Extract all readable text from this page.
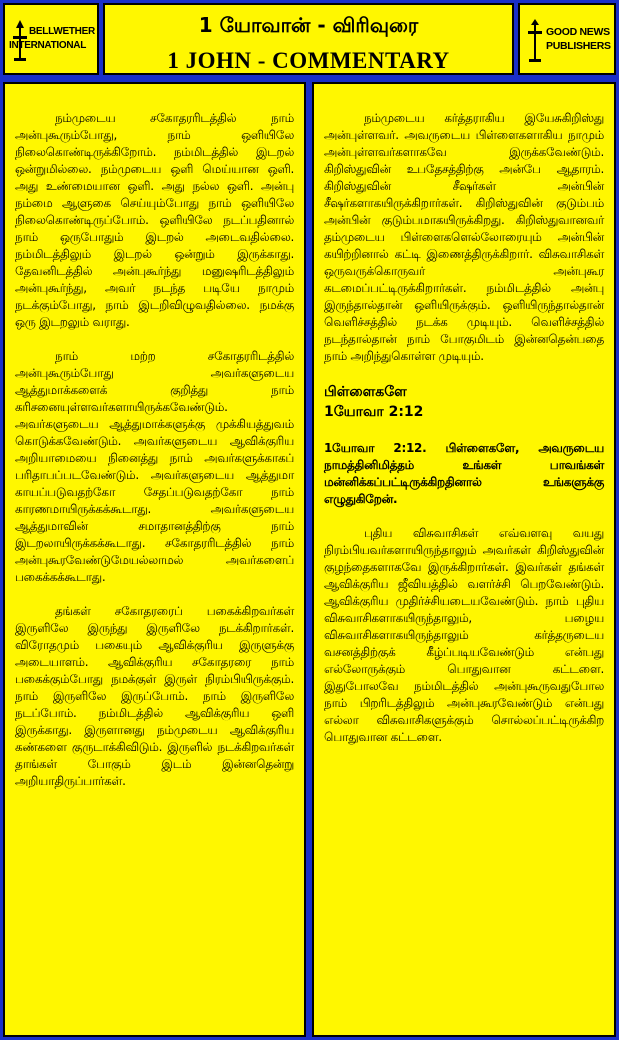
BELLWETHER
INTERNATIONAL
1 யோவான் - விரிவுரை
1 JOHN - COMMENTARY
GOOD NEWS
PUBLISHERS

நம்முடைய சகோதரரிடத்தில் நாம் அன்புகூரும்போது, நாம் ஒளியிலே நிலைகொண்டிருக்கிறோம். நம்மிடத்தில் இடறல் ஒன்றுமில்லை. நம்முடைய ஒளி மெய்யான ஒளி. அது உண்மையான ஒளி. அது நல்ல ஒளி. அன்பு நம்மை ஆளுகை செய்யும்போது நாம் ஒளியிலே நிலைகொண்டிருப்போம். ஒளியிலே நடப்பதினால் நாம் ஒருபோதும் இடறல் அடைவதில்லை. நம்மிடத்திலும் இடறல் ஒன்றும் இருக்காது. தேவனிடத்தில் அன்புகூர்ந்து மனுஷரிடத்திலும் அன்புகூர்ந்து, அவர் நடந்த படியே நாமும் நடக்கும்போது, நாம் இடறிவிழுவதில்லை. நமக்கு ஒரு இடறலும் வராது.

நாம் மற்ற சகோதரரிடத்தில் அன்புகூரும்போது அவர்களுடைய ஆத்துமாக்களைக் குறித்து நாம் கரிசனையுள்ளவர்களாயிருக்கவேண்டும். அவர்களுடைய ஆத்துமாக்களுக்கு முக்கியத்துவம் கொடுக்கவேண்டும். அவர்களுடைய ஆவிக்குரிய அறியாமையை நினைத்து நாம் அவர்களுக்காகப் பரிதாபப்படவேண்டும். அவர்களுடைய ஆத்துமா காயப்படுவதற்கோ சேதப்படுவதற்கோ நாம் காரணமாயிருக்கக்கூடாது. அவர்களுடைய ஆத்துமாவின் சமாதானத்திற்கு நாம் இடறலாயிருக்கக்கூடாது. சகோதரரிடத்தில் நாம் அன்புகூரவேண்டுமேயல்லாமல் அவர்களைப் பகைக்கக்கூடாது.

தங்கள் சகோதரரைப் பகைக்கிறவர்கள் இருளிலே இருந்து இருளிலே நடக்கிறார்கள். விரோதமும் பகையும் ஆவிக்குரிய இருளுக்கு அடையாளம். ஆவிக்குரிய சகோதரரை நாம் பகைக்கும்போது நமக்குள் இருள் நிரம்பியிருக்கும். நாம் இருளிலே இருப்போம். நாம் இருளிலே நடப்போம். நம்மிடத்தில் ஆவிக்குரிய ஒளி இருக்காது. இருளானது நம்முடைய ஆவிக்குரிய கண்களை குருடாக்கிவிடும். இருளில் நடக்கிறவர்கள் தாங்கள் போகும் இடம் இன்னதென்று அறியாதிருப்பார்கள்.

நம்முடைய கர்த்தராகிய இயேசுகிறிஸ்து அன்புள்ளவர். அவருடைய பிள்ளைகளாகிய நாமும் அன்புள்ளவர்களாகவே இருக்கவேண்டும். கிறிஸ்துவின் உபதேசத்திற்கு அன்பே ஆதாரம். கிறிஸ்துவின் சீஷர்கள் அன்பின் சீஷர்களாகயிருக்கிறார்கள். கிறிஸ்துவின் குடும்பம் அன்பின் குடும்பமாகயிருக்கிறது. கிறிஸ்துவானவர் தம்முடைய பிள்ளைகளெல்லோரையும் அன்பின் கயிற்றினால் கட்டி இணைத்திருக்கிறார். விசுவாசிகள் ஒருவருக்கொருவர் அன்புகூர கடமைப்பட்டிருக்கிறார்கள். நம்மிடத்தில் அன்பு இருந்தால்தான் ஒளியிருக்கும். ஒளியிருந்தால்தான் வெளிச்சத்தில் நடக்க முடியும். வெளிச்சத்தில் நடந்தால்தான் நாம் போகுமிடம் இன்னதென்பதை நாம் அறிந்துகொள்ள முடியும்.

பிள்ளைகளே
1யோவா 2:12

1யோவா 2:12. பிள்ளைகளே, அவருடைய நாமத்தினிமித்தம் உங்கள் பாவங்கள் மன்னிக்கப்பட்டிருக்கிறதினால் உங்களுக்கு எழுதுகிறேன்.

புதிய விசுவாசிகள் எவ்வளவு வயது நிரம்பியவர்களாயிருந்தாலும் அவர்கள் கிறிஸ்துவின் குழந்தைகளாகவே இருக்கிறார்கள். இவர்கள் தங்கள் ஆவிக்குரிய ஜீவியத்தில் வளர்ச்சி பெறவேண்டும். ஆவிக்குரிய முதிர்ச்சியடையவேண்டும். நாம் புதிய விசுவாசிகளாகயிருந்தாலும், பழைய விசுவாசிகளாகயிருந்தாலும் கர்த்தருடைய வசனத்திற்குக் கீழ்ப்படியவேண்டும் என்பது எல்லோருக்கும் பொதுவான கட்டளை. இதுபோலவே நம்மிடத்தில் அன்புகூருவதுபோல நாம் பிறரிடத்திலும் அன்புகூரவேண்டும் என்பது எல்லா விசுவாசிகளுக்கும் சொல்லப்பட்டிருக்கிற பொதுவான கட்டளை.
